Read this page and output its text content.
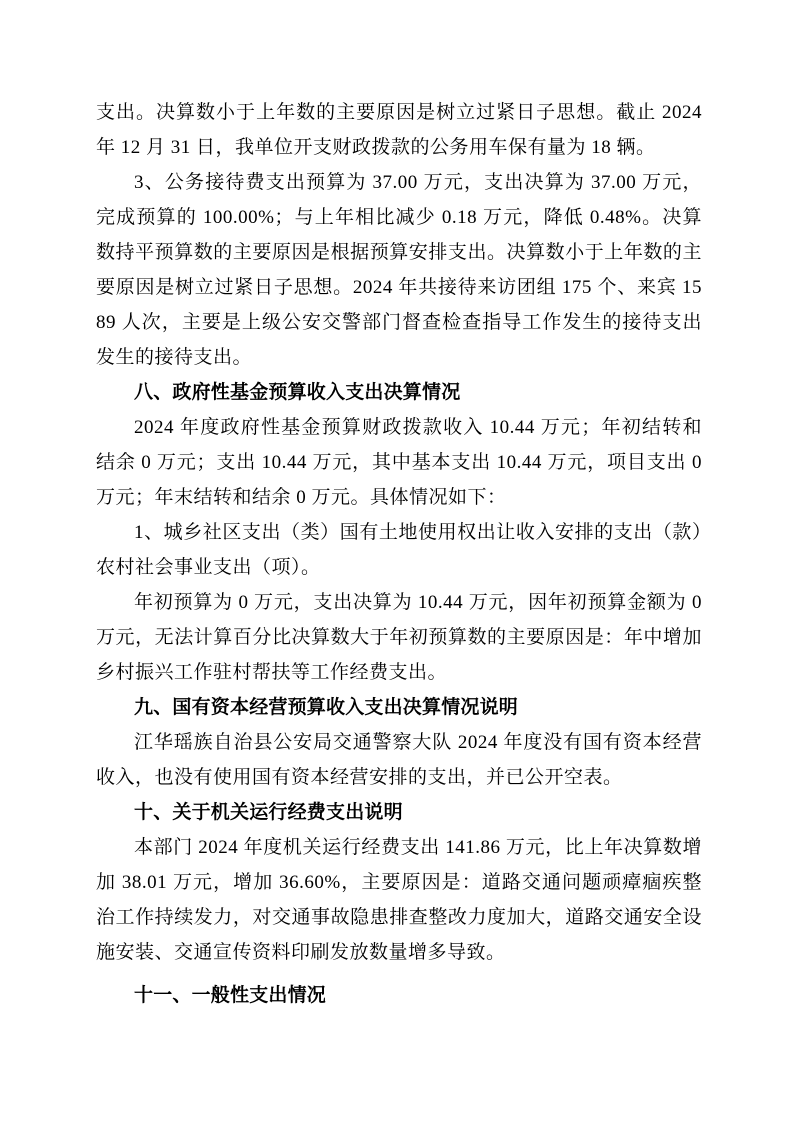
支出。决算数小于上年数的主要原因是树立过紧日子思想。截止 2024 年 12 月 31 日，我单位开支财政拨款的公务用车保有量为 18 辆。

3、公务接待费支出预算为 37.00 万元，支出决算为 37.00 万元，完成预算的 100.00%；与上年相比减少 0.18 万元，降低 0.48%。决算数持平预算数的主要原因是根据预算安排支出。决算数小于上年数的主要原因是树立过紧日子思想。2024 年共接待来访团组 175 个、来宾 1589 人次，主要是上级公安交警部门督查检查指导工作发生的接待支出发生的接待支出。

八、政府性基金预算收入支出决算情况

2024 年度政府性基金预算财政拨款收入 10.44 万元；年初结转和结余 0 万元；支出 10.44 万元，其中基本支出 10.44 万元，项目支出 0 万元；年末结转和结余 0 万元。具体情况如下：

1、城乡社区支出（类）国有土地使用权出让收入安排的支出（款）农村社会事业支出（项）。

年初预算为 0 万元，支出决算为 10.44 万元，因年初预算金额为 0 万元，无法计算百分比决算数大于年初预算数的主要原因是：年中增加乡村振兴工作驻村帮扶等工作经费支出。

九、国有资本经营预算收入支出决算情况说明

江华瑶族自治县公安局交通警察大队 2024 年度没有国有资本经营收入，也没有使用国有资本经营安排的支出，并已公开空表。

十、关于机关运行经费支出说明

本部门 2024 年度机关运行经费支出 141.86 万元，比上年决算数增加 38.01 万元，增加 36.60%，主要原因是：道路交通问题顽瘴痼疾整治工作持续发力，对交通事故隐患排查整改力度加大，道路交通安全设施安装、交通宣传资料印刷发放数量增多导致。

十一、一般性支出情况
